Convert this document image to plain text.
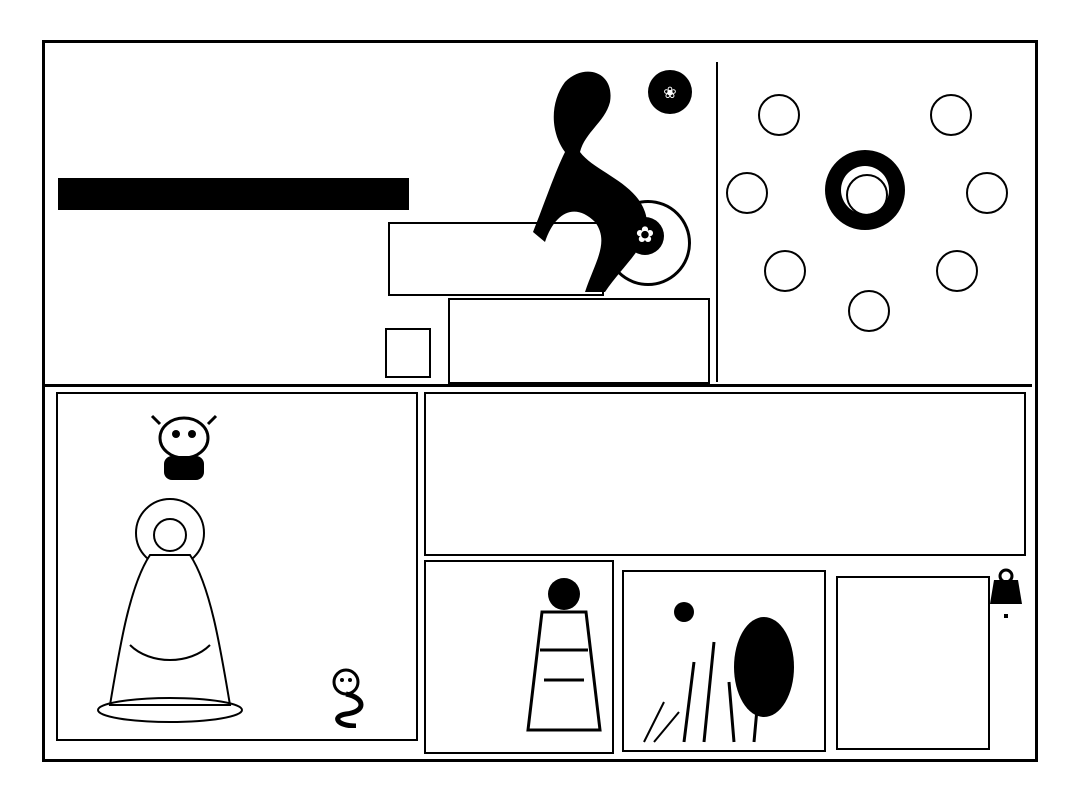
❀
✿
